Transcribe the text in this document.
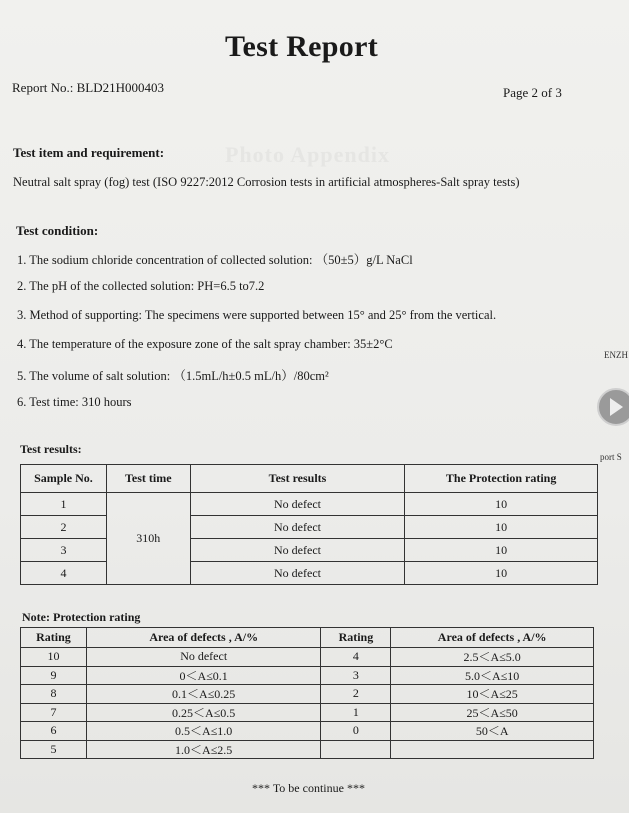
Photo Appendix
Test Report
Report No.: BLD21H000403	Page 2 of 3
Test item and requirement:
Neutral salt spray (fog) test (ISO 9227:2012 Corrosion tests in artificial atmospheres-Salt spray tests)
Test condition:
1. The sodium chloride concentration of collected solution: （50±5）g/L NaCl
2. The pH of the collected solution: PH=6.5 to7.2
3. Method of supporting: The specimens were supported between 15° and 25° from the vertical.
4. The temperature of the exposure zone of the salt spray chamber: 35±2°C
5. The volume of salt solution: （1.5mL/h±0.5 mL/h）/80cm²
6. Test time: 310 hours
Test results:
Sample No.	Test time	Test results	The Protection rating
1	310h	No defect	10
2		No defect	10
3		No defect	10
4		No defect	10
Note: Protection rating
Rating	Area of defects , A/%	Rating	Area of defects , A/%
10	No defect	4	2.5＜A≤5.0
9	0＜A≤0.1	3	5.0＜A≤10
8	0.1＜A≤0.25	2	10＜A≤25
7	0.25＜A≤0.5	1	25＜A≤50
6	0.5＜A≤1.0	0	50＜A
5	1.0＜A≤2.5		
*** To be continue ***
ENZH
port S
